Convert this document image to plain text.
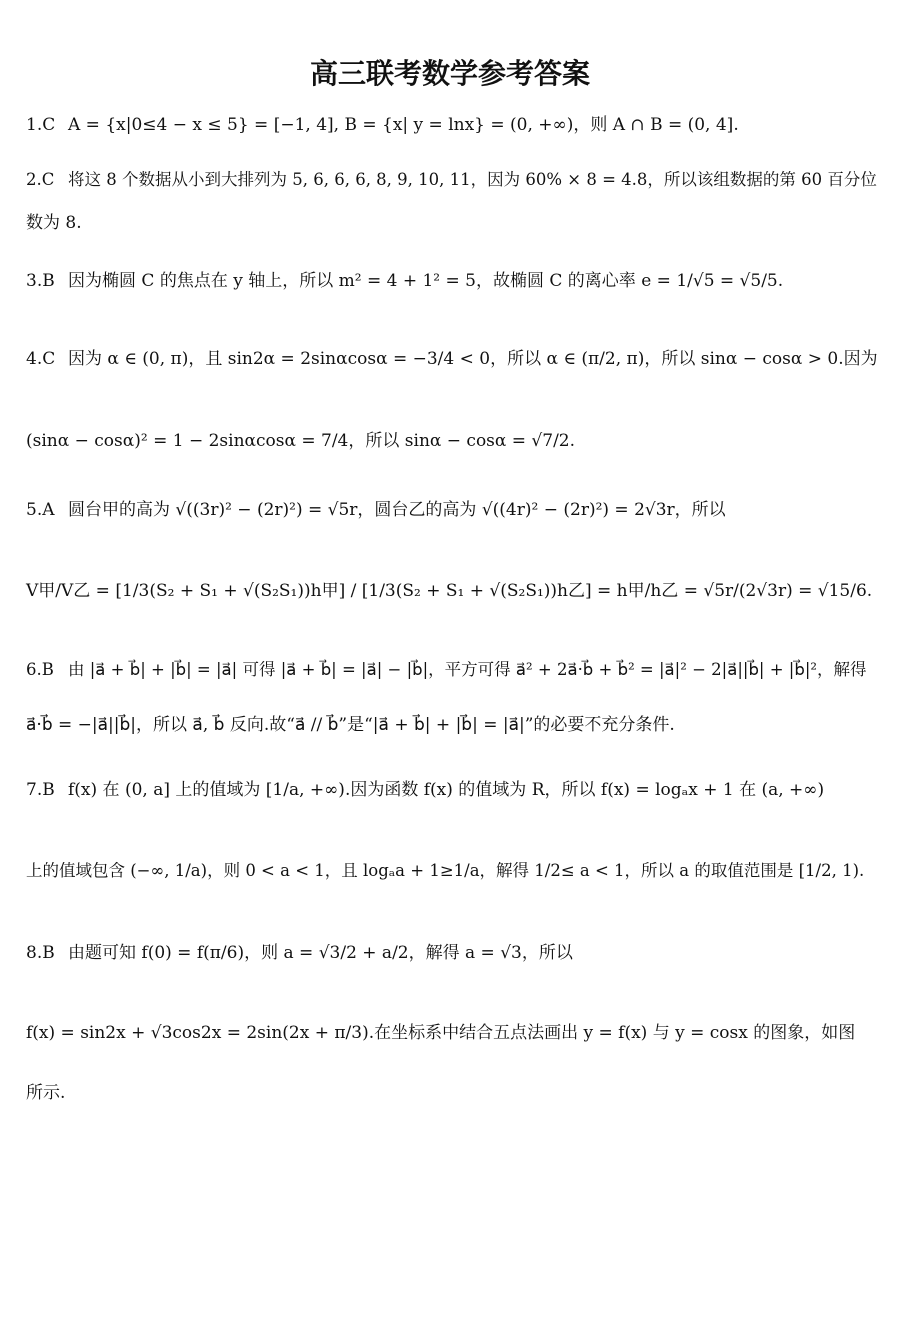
高三联考数学参考答案
1.C A = {x|0≤4 − x ≤ 5} = [−1, 4], B = {x| y = lnx} = (0, +∞)，则 A ∩ B = (0, 4].
2.C 将这 8 个数据从小到大排列为 5, 6, 6, 6, 8, 9, 10, 11，因为 60% × 8 = 4.8，所以该组数据的第 60 百分位
数为 8.
3.B 因为椭圆 C 的焦点在 y 轴上，所以 m² = 4 + 1² = 5，故椭圆 C 的离心率 e = 1/√5 = √5/5.
4.C 因为 α ∈ (0, π)，且 sin2α = 2sinαcosα = −3/4 < 0，所以 α ∈ (π/2, π)，所以 sinα − cosα > 0.因为
(sinα − cosα)² = 1 − 2sinαcosα = 7/4，所以 sinα − cosα = √7/2.
5.A 圆台甲的高为 √((3r)² − (2r)²) = √5r，圆台乙的高为 √((4r)² − (2r)²) = 2√3r，所以
V甲/V乙 = [1/3(S₂ + S₁ + √(S₂S₁))h甲] / [1/3(S₂ + S₁ + √(S₂S₁))h乙] = h甲/h乙 = √5r/(2√3r) = √15/6.
6.B 由 |a⃗ + b⃗| + |b⃗| = |a⃗| 可得 |a⃗ + b⃗| = |a⃗| − |b⃗|，平方可得 a⃗² + 2a⃗·b⃗ + b⃗² = |a⃗|² − 2|a⃗||b⃗| + |b⃗|²，解得
a⃗·b⃗ = −|a⃗||b⃗|，所以 a⃗, b⃗ 反向.故“a⃗ // b⃗”是“|a⃗ + b⃗| + |b⃗| = |a⃗|”的必要不充分条件.
7.B f(x) 在 (0, a] 上的值域为 [1/a, +∞).因为函数 f(x) 的值域为 R，所以 f(x) = logₐx + 1 在 (a, +∞)
上的值域包含 (−∞, 1/a)，则 0 < a < 1，且 logₐa + 1≥1/a，解得 1/2≤ a < 1，所以 a 的取值范围是 [1/2, 1).
8.B 由题可知 f(0) = f(π/6)，则 a = √3/2 + a/2，解得 a = √3，所以
f(x) = sin2x + √3cos2x = 2sin(2x + π/3).在坐标系中结合五点法画出 y = f(x) 与 y = cosx 的图象，如图
所示.
